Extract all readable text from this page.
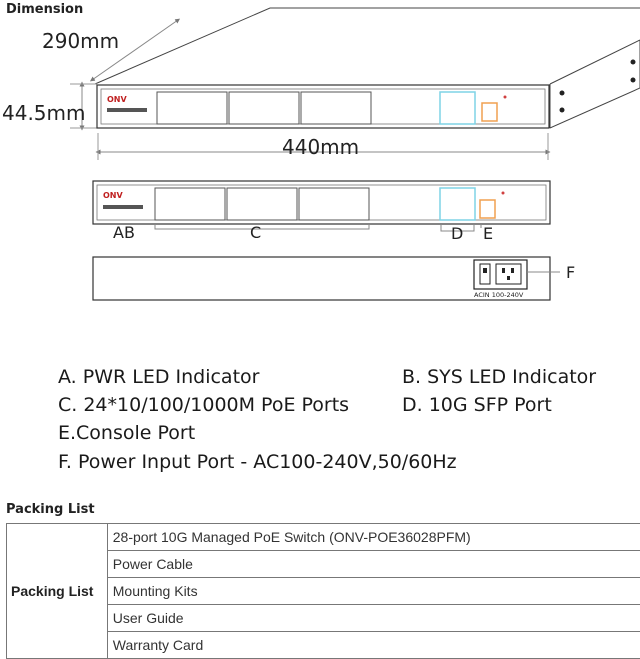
Dimension
290mm
44.5mm
ONV
440mm
ONV
AB	C	D E
ACIN 100-240V
F
A. PWR LED Indicator	B. SYS LED Indicator
C. 24*10/100/1000M PoE Ports	D. 10G SFP Port
E.Console Port
F. Power Input Port - AC100-240V,50/60Hz
Packing List
Packing List	28-port 10G Managed PoE Switch (ONV-POE36028PFM)
Power Cable
Mounting Kits
User Guide
Warranty Card
